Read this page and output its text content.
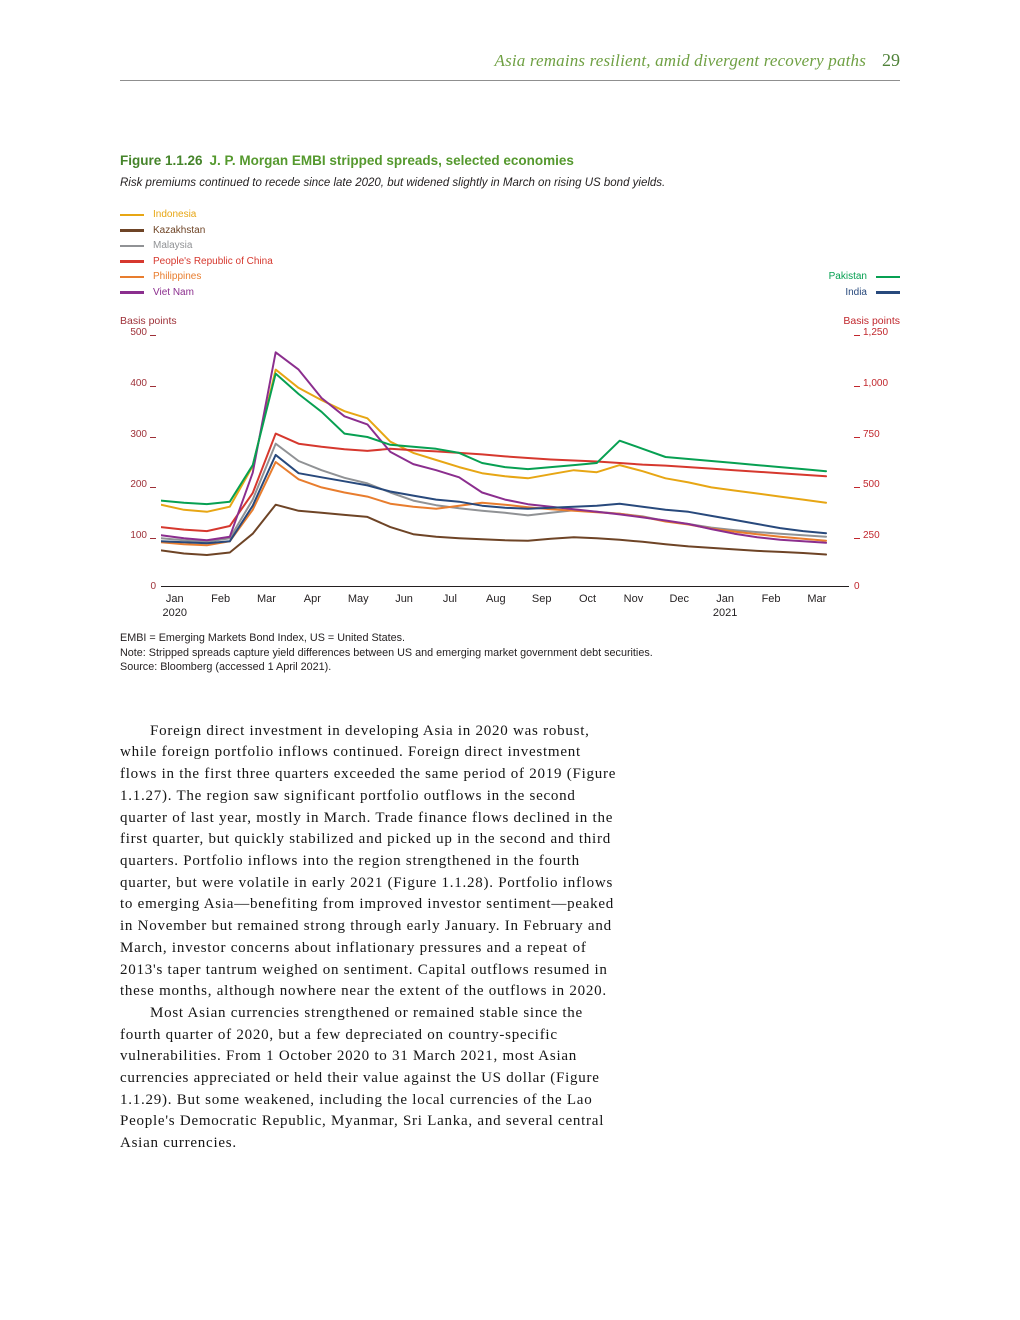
Asia remains resilient, amid divergent recovery paths 29
Figure 1.1.26 J. P. Morgan EMBI stripped spreads, selected economies
Risk premiums continued to recede since late 2020, but widened slightly in March on rising US bond yields.
Indonesia
Kazakhstan
Malaysia
People's Republic of China
Philippines
Viet Nam
Pakistan
India
Basis points	Basis points
0
100
200
300
400
500
0
250
500
750
1,000
1,250
Jan
2020
Feb Mar	Apr May Jun	Jul	Aug Sep	Oct	Nov Dec	Jan
2021
Feb Mar
EMBI = Emerging Markets Bond Index, US = United States.
Note: Stripped spreads capture yield differences between US and emerging market government debt securities.
Source: Bloomberg (accessed 1 April 2021).

Foreign direct investment in developing Asia in 2020 was robust, while foreign portfolio inflows continued. Foreign direct investment flows in the first three quarters exceeded the same period of 2019 (Figure 1.1.27). The region saw significant portfolio outflows in the second quarter of last year, mostly in March. Trade finance flows declined in the first quarter, but quickly stabilized and picked up in the second and third quarters. Portfolio inflows into the region strengthened in the fourth quarter, but were volatile in early 2021 (Figure 1.1.28). Portfolio inflows to emerging Asia—benefiting from improved investor sentiment—peaked in November but remained strong through early January. In February and March, investor concerns about inflationary pressures and a repeat of 2013's taper tantrum weighed on sentiment. Capital outflows resumed in these months, although nowhere near the extent of the outflows in 2020.

Most Asian currencies strengthened or remained stable since the fourth quarter of 2020, but a few depreciated on country-specific vulnerabilities. From 1 October 2020 to 31 March 2021, most Asian currencies appreciated or held their value against the US dollar (Figure 1.1.29). But some weakened, including the local currencies of the Lao People's Democratic Republic, Myanmar, Sri Lanka, and several central Asian currencies.
